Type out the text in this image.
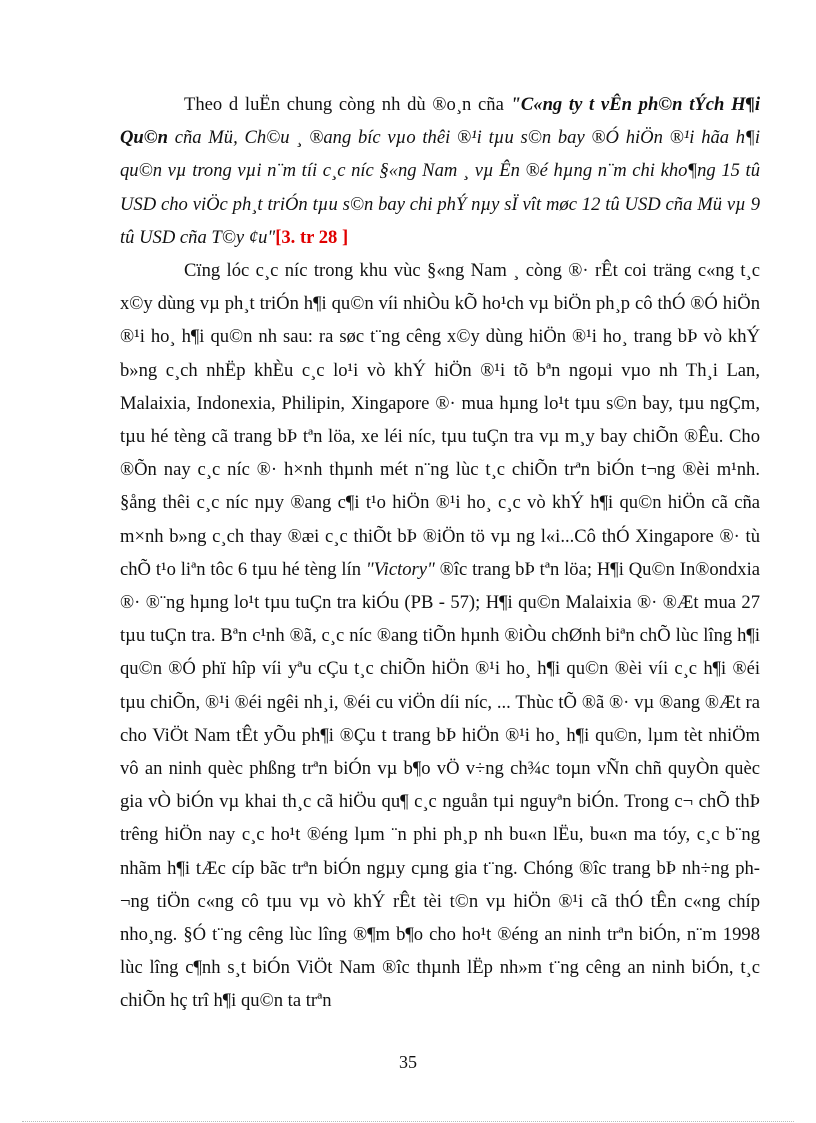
Theo d luËn chung còng nh dù ®o¸n cña "C«ng ty t vÊn ph©n tÝch H¶i Qu©n cña Mü, Ch©u ¸ ®ang bíc vµo thêi ®¹i tµu s©n bay ®Ó hiÖn ®¹i hãa h¶i qu©n vµ trong vµi n¨m tíi c¸c níc §«ng Nam ¸ vµ Ên ®é hµng n¨m chi kho¶ng 15 tû USD cho viÖc ph¸t triÓn tµu s©n bay chi phÝ nµy sÏ vît møc 12 tû USD cña Mü vµ 9 tû USD cña T©y ¢u"[3. tr 28 ]

Cïng lóc c¸c níc trong khu vùc §«ng Nam ¸ còng ®· rÊt coi träng c«ng t¸c x©y dùng vµ ph¸t triÓn h¶i qu©n víi nhiÒu kÕ ho¹ch vµ biÖn ph¸p cô thÓ ®Ó hiÖn ®¹i ho¸ h¶i qu©n nh sau: ra søc t¨ng cêng x©y dùng hiÖn ®¹i ho¸ trang bÞ vò khÝ b»ng c¸ch nhËp khÈu c¸c lo¹i vò khÝ hiÖn ®¹i tõ bªn ngoµi vµo nh Th¸i Lan, Malaixia, Indonexia, Philipin, Xingapore ®· mua hµng lo¹t tµu s©n bay, tµu ngÇm, tµu hé tèng cã trang bÞ tªn löa, xe léi níc, tµu tuÇn tra vµ m¸y bay chiÕn ®Êu. Cho ®Õn nay c¸c níc ®· h×nh thµnh mét n¨ng lùc t¸c chiÕn trªn biÓn t¬ng ®èi m¹nh. §ång thêi c¸c níc nµy ®ang c¶i t¹o hiÖn ®¹i ho¸ c¸c vò khÝ h¶i qu©n hiÖn cã cña m×nh b»ng c¸ch thay ®æi c¸c thiÕt bÞ ®iÖn tö vµ ng l«i...Cô thÓ Xingapore ®· tù chÕ t¹o liªn tôc 6 tµu hé tèng lín "Victory" ®îc trang bÞ tªn löa; H¶i Qu©n In®ondxia ®· ®¨ng hµng lo¹t tµu tuÇn tra kiÓu (PB - 57); H¶i qu©n Malaixia ®· ®Æt mua 27 tµu tuÇn tra. Bªn c¹nh ®ã, c¸c níc ®ang tiÕn hµnh ®iÒu chØnh biªn chÕ lùc lîng h¶i qu©n ®Ó phï hîp víi yªu cÇu t¸c chiÕn hiÖn ®¹i ho¸ h¶i qu©n ®èi víi c¸c h¶i ®éi tµu chiÕn, ®¹i ®éi ngêi nh¸i, ®éi cu viÖn díi níc, ... Thùc tÕ ®ã ®· vµ ®ang ®Æt ra cho ViÖt Nam tÊt yÕu ph¶i ®Çu t trang bÞ hiÖn ®¹i ho¸ h¶i qu©n, lµm tèt nhiÖm vô an ninh quèc phßng trªn biÓn vµ b¶o vÖ v÷ng ch¾c toµn vÑn chñ quyÒn quèc gia vÒ biÓn vµ khai th¸c cã hiÖu qu¶ c¸c nguån tµi nguyªn biÓn. Trong c¬ chÕ thÞ trêng hiÖn nay c¸c ho¹t ®éng lµm ¨n phi ph¸p nh bu«n lËu, bu«n ma tóy, c¸c b¨ng nhãm h¶i tÆc cíp bãc trªn biÓn ngµy cµng gia t¨ng. Chóng ®îc trang bÞ nh÷ng ph¬ng tiÖn c«ng cô tµu vµ vò khÝ rÊt tèi t©n vµ hiÖn ®¹i cã thÓ tÊn c«ng chíp nho¸ng. §Ó t¨ng cêng lùc lîng ®¶m b¶o cho ho¹t ®éng an ninh trªn biÓn, n¨m 1998 lùc lîng c¶nh s¸t biÓn ViÖt Nam ®îc thµnh lËp nh»m t¨ng cêng an ninh biÓn, t¸c chiÕn hç trî h¶i qu©n ta trªn

35
